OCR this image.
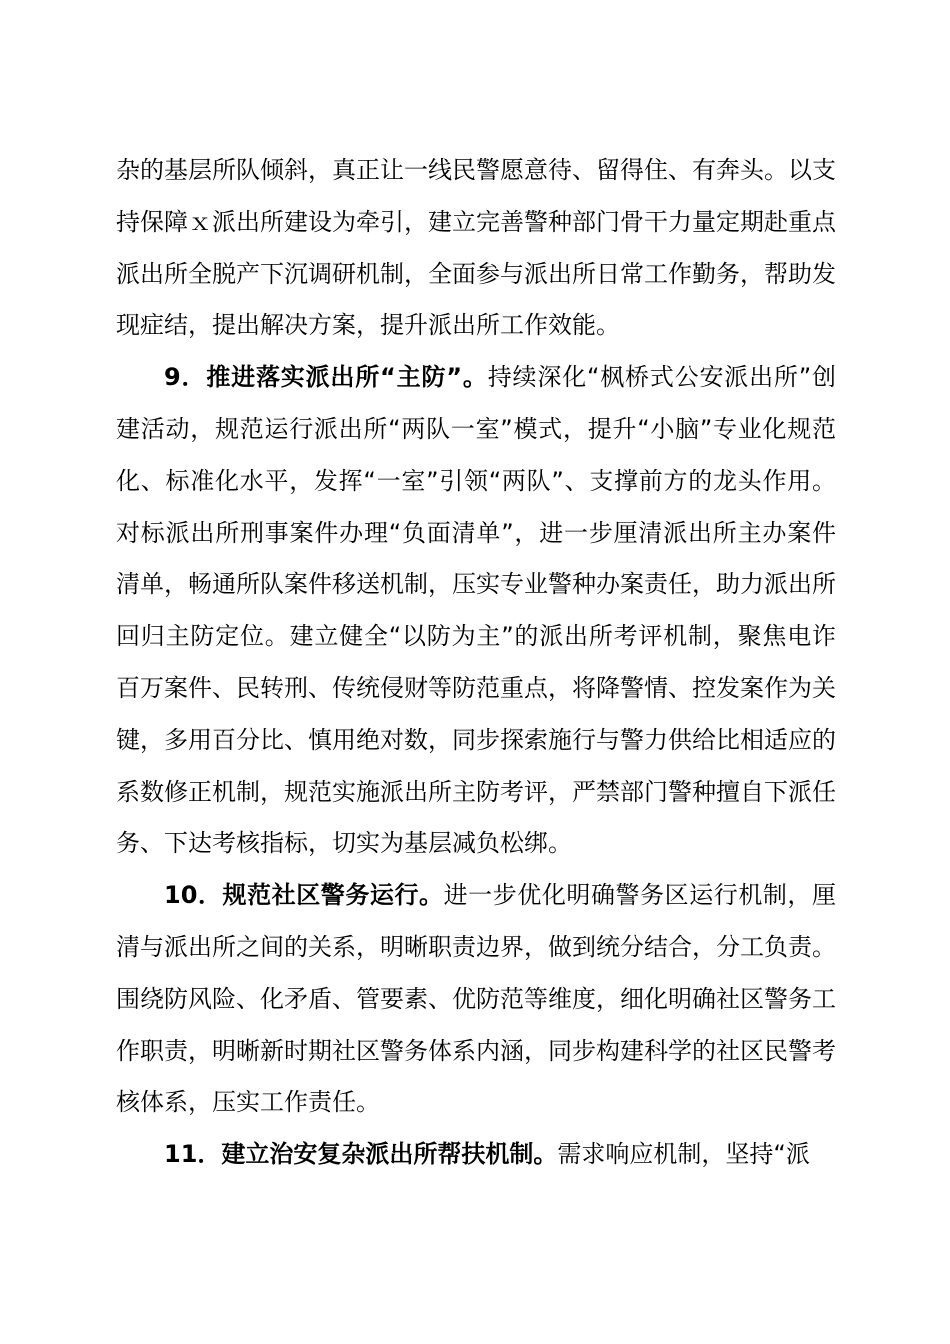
杂的基层所队倾斜，真正让一线民警愿意待、留得住、有奔头。以支持保障ｘ派出所建设为牵引，建立完善警种部门骨干力量定期赴重点派出所全脱产下沉调研机制，全面参与派出所日常工作勤务，帮助发现症结，提出解决方案，提升派出所工作效能。

9．推进落实派出所“主防”。持续深化“枫桥式公安派出所”创建活动，规范运行派出所“两队一室”模式，提升“小脑”专业化规范化、标准化水平，发挥“一室”引领“两队”、支撑前方的龙头作用。对标派出所刑事案件办理“负面清单”，进一步厘清派出所主办案件清单，畅通所队案件移送机制，压实专业警种办案责任，助力派出所回归主防定位。建立健全“以防为主”的派出所考评机制，聚焦电诈百万案件、民转刑、传统侵财等防范重点，将降警情、控发案作为关键，多用百分比、慎用绝对数，同步探索施行与警力供给比相适应的系数修正机制，规范实施派出所主防考评，严禁部门警种擅自下派任务、下达考核指标，切实为基层减负松绑。

10．规范社区警务运行。进一步优化明确警务区运行机制，厘清与派出所之间的关系，明晰职责边界，做到统分结合，分工负责。围绕防风险、化矛盾、管要素、优防范等维度，细化明确社区警务工作职责，明晰新时期社区警务体系内涵，同步构建科学的社区民警考核体系，压实工作责任。

11．建立治安复杂派出所帮扶机制。需求响应机制，坚持“派
